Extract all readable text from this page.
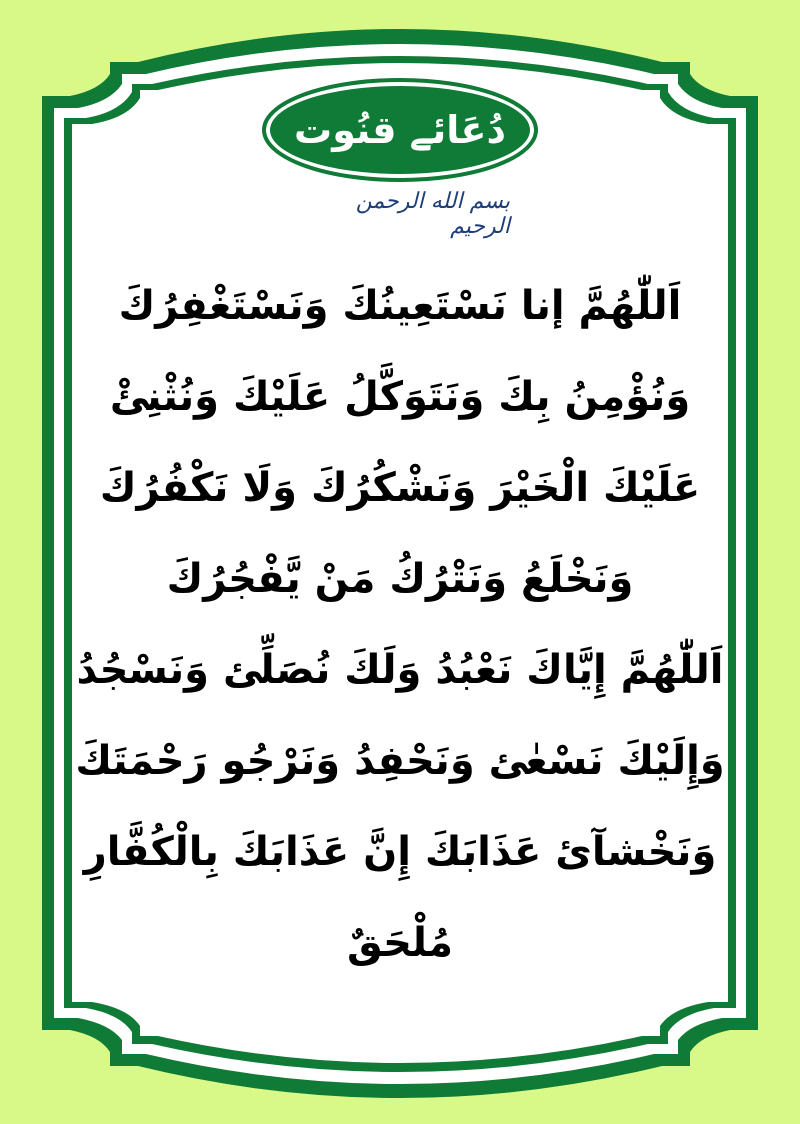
دُعَائے قنُوت
بسم الله الرحمن الرحيم
اَللّٰهُمَّ إنا نَسْتَعِينُكَ وَنَسْتَغْفِرُكَ
وَنُؤْمِنُ بِكَ وَنَتَوَكَّلُ عَلَيْكَ وَنُثْنِئْ
عَلَيْكَ الْخَيْرَ وَنَشْكُرُكَ وَلَا نَكْفُرُكَ
وَنَخْلَعُ وَنَتْرُكُ مَنْ يَّفْجُرُكَ
اَللّٰهُمَّ إِيَّاكَ نَعْبُدُ وَلَكَ نُصَلِّئ وَنَسْجُدُ
وَإِلَيْكَ نَسْعٰئ وَنَحْفِدُ وَنَرْجُو رَحْمَتَكَ
وَنَخْشآئ عَذَابَكَ إِنَّ عَذَابَكَ بِالْكُفَّارِ
مُلْحَقٌ
